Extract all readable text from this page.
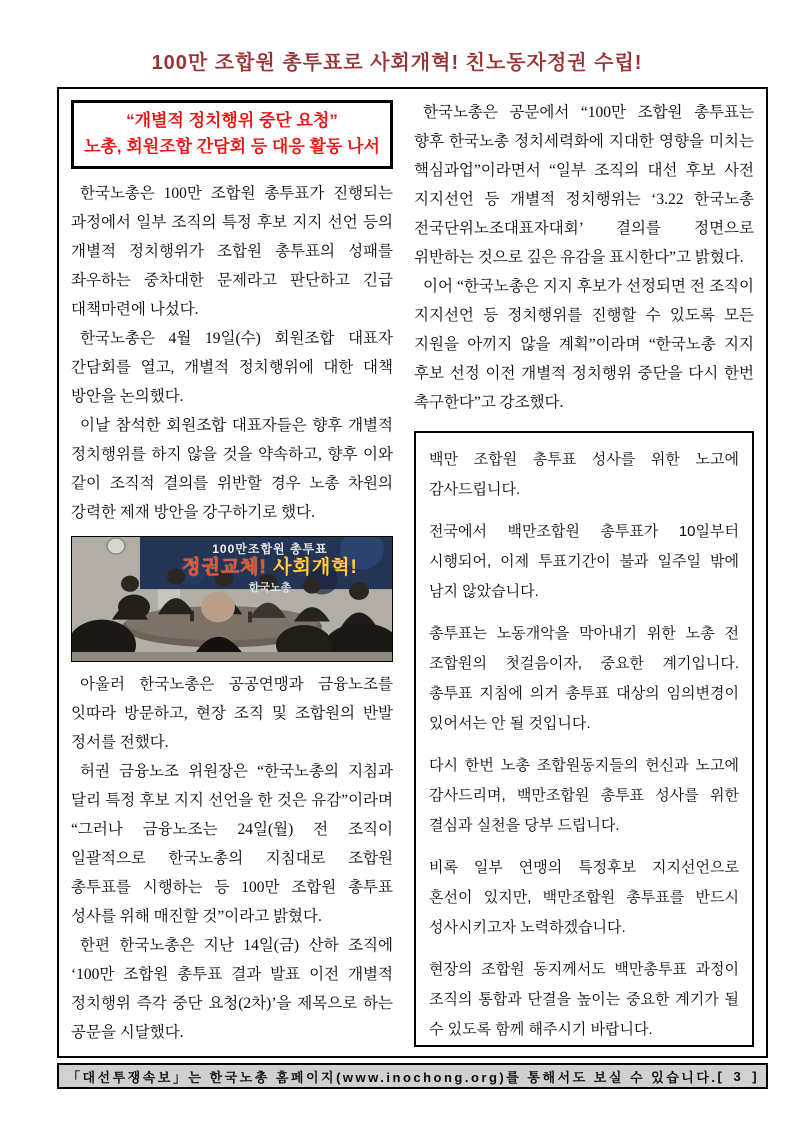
100만 조합원 총투표로 사회개혁! 친노동자정권 수립!
“개별적 정치행위 중단 요청”
노총, 회원조합 간담회 등 대응 활동 나서

한국노총은 100만 조합원 총투표가 진행되는 과정에서 일부 조직의 특정 후보 지지 선언 등의 개별적 정치행위가 조합원 총투표의 성패를 좌우하는 중차대한 문제라고 판단하고 긴급 대책마련에 나섰다.

한국노총은 4월 19일(수) 회원조합 대표자 간담회를 열고, 개별적 정치행위에 대한 대책 방안을 논의했다.

이날 참석한 회원조합 대표자들은 향후 개별적 정치행위를 하지 않을 것을 약속하고, 향후 이와 같이 조직적 결의를 위반할 경우 노총 차원의 강력한 제재 방안을 강구하기로 했다.

100만조합원 총투표
정권교체! 사회개혁!
한국노총

아울러 한국노총은 공공연맹과 금융노조를 잇따라 방문하고, 현장 조직 및 조합원의 반발 정서를 전했다.

허권 금융노조 위원장은 “한국노총의 지침과 달리 특정 후보 지지 선언을 한 것은 유감”이라며 “그러나 금융노조는 24일(월) 전 조직이 일괄적으로 한국노총의 지침대로 조합원 총투표를 시행하는 등 100만 조합원 총투표 성사를 위해 매진할 것”이라고 밝혔다.

한편 한국노총은 지난 14일(금) 산하 조직에 ‘100만 조합원 총투표 결과 발표 이전 개별적 정치행위 즉각 중단 요청(2차)’을 제목으로 하는 공문을 시달했다.

한국노총은 공문에서 “100만 조합원 총투표는 향후 한국노총 정치세력화에 지대한 영향을 미치는 핵심과업”이라면서 “일부 조직의 대선 후보 사전 지지선언 등 개별적 정치행위는 ‘3.22 한국노총 전국단위노조대표자대회’ 결의를 정면으로 위반하는 것으로 깊은 유감을 표시한다”고 밝혔다.

이어 “한국노총은 지지 후보가 선정되면 전 조직이 지지선언 등 정치행위를 진행할 수 있도록 모든 지원을 아끼지 않을 계획”이라며 “한국노총 지지 후보 선정 이전 개별적 정치행위 중단을 다시 한번 촉구한다”고 강조했다.

백만 조합원 총투표 성사를 위한 노고에 감사드립니다.

전국에서 백만조합원 총투표가 10일부터 시행되어, 이제 투표기간이 불과 일주일 밖에 남지 않았습니다.

총투표는 노동개악을 막아내기 위한 노총 전 조합원의 첫걸음이자, 중요한 계기입니다. 총투표 지침에 의거 총투표 대상의 임의변경이 있어서는 안 될 것입니다.

다시 한번 노총 조합원동지들의 헌신과 노고에 감사드리며, 백만조합원 총투표 성사를 위한 결심과 실천을 당부 드립니다.

비록 일부 연맹의 특정후보 지지선언으로 혼선이 있지만, 백만조합원 총투표를 반드시 성사시키고자 노력하겠습니다.

현장의 조합원 동지께서도 백만총투표 과정이 조직의 통합과 단결을 높이는 중요한 계기가 될 수 있도록 함께 해주시기 바랍니다.

「대선투쟁속보」는 한국노총 홈페이지(www.inochong.org)를 통해서도 보실 수 있습니다. [ 3 ]
